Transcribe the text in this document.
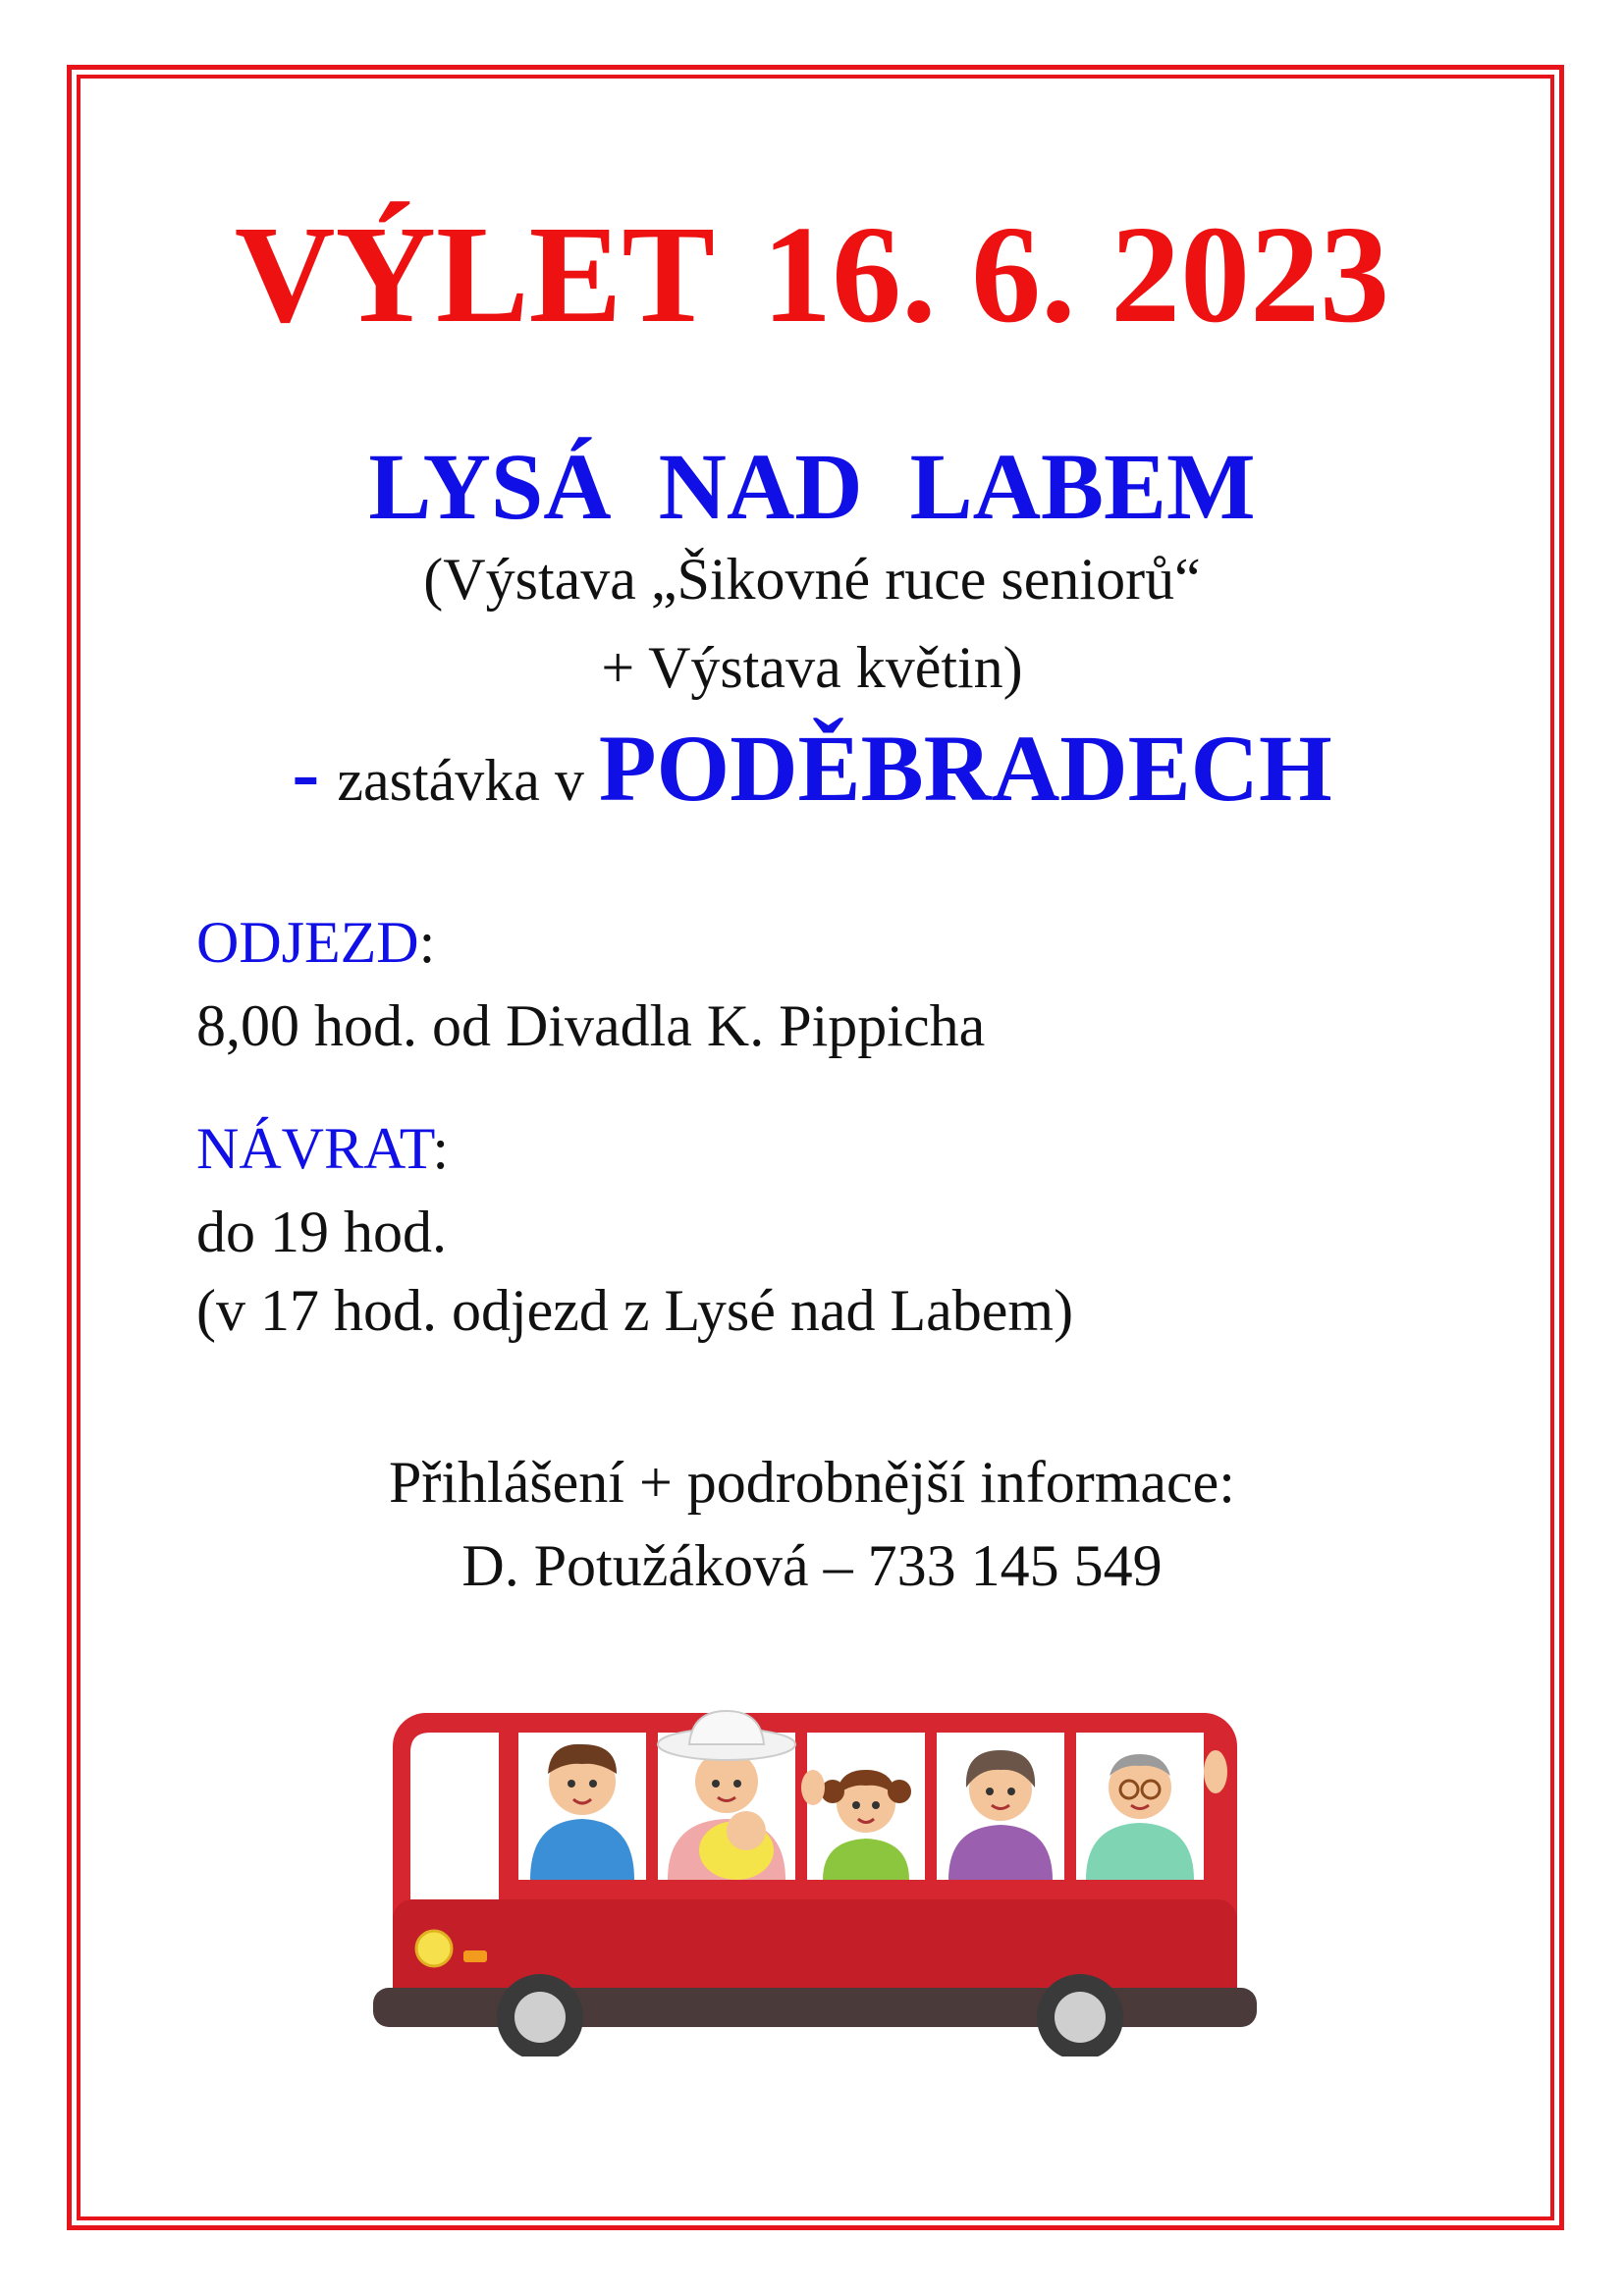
VÝLET 16. 6. 2023
LYSÁ NAD LABEM
(Výstava „Šikovné ruce seniorů“
+ Výstava květin)
- zastávka v PODĚBRADECH
ODJEZD:
8,00 hod. od Divadla K. Pippicha
NÁVRAT:
do 19 hod.
(v 17 hod. odjezd z Lysé nad Labem)
Přihlášení + podrobnější informace:
D. Potužáková – 733 145 549
